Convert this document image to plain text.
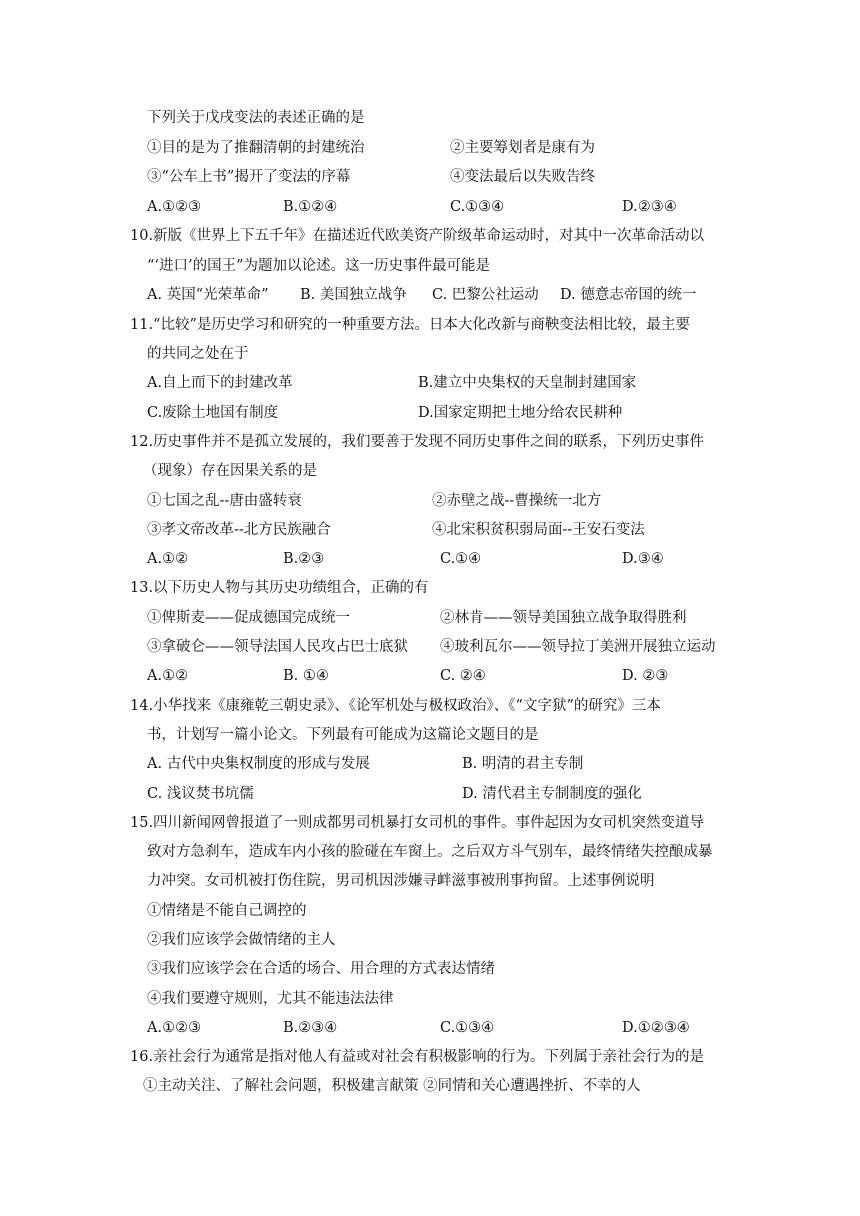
下列关于戊戌变法的表述正确的是
①目的是为了推翻清朝的封建统治	②主要筹划者是康有为
③“公车上书”揭开了变法的序幕	④变法最后以失败告终
A.①②③	B.①②④	C.①③④	D.②③④
10.新版《世界上下五千年》在描述近代欧美资产阶级革命运动时，对其中一次革命活动以
“‘进口’的国王”为题加以论述。这一历史事件最可能是
A. 英国“光荣革命” B. 美国独立战争 C. 巴黎公社运动 D. 德意志帝国的统一
11.“比较”是历史学习和研究的一种重要方法。日本大化改新与商鞅变法相比较，最主要
的共同之处在于
A.自上而下的封建改革	B.建立中央集权的天皇制封建国家
C.废除土地国有制度	D.国家定期把土地分给农民耕种
12.历史事件并不是孤立发展的，我们要善于发现不同历史事件之间的联系，下列历史事件
（现象）存在因果关系的是
①七国之乱--唐由盛转衰	②赤壁之战--曹操统一北方
③孝文帝改革--北方民族融合	④北宋积贫积弱局面--王安石变法
A.①②	B.②③	C.①④	D.③④
13.以下历史人物与其历史功绩组合，正确的有
①俾斯麦——促成德国完成统一	②林肯——领导美国独立战争取得胜利
③拿破仑——领导法国人民攻占巴士底狱 ④玻利瓦尔——领导拉丁美洲开展独立运动
A.①②	B. ①④	C. ②④	D. ②③
14.小华找来《康雍乾三朝史录》、《论军机处与极权政治》、《“文字狱”的研究》三本
书，计划写一篇小论文。下列最有可能成为这篇论文题目的是
A. 古代中央集权制度的形成与发展	B. 明清的君主专制
C. 浅议焚书坑儒	D. 清代君主专制制度的强化
15.四川新闻网曾报道了一则成都男司机暴打女司机的事件。事件起因为女司机突然变道导
致对方急刹车，造成车内小孩的脸碰在车窗上。之后双方斗气别车，最终情绪失控酿成暴
力冲突。女司机被打伤住院，男司机因涉嫌寻衅滋事被刑事拘留。上述事例说明
①情绪是不能自己调控的
②我们应该学会做情绪的主人
③我们应该学会在合适的场合、用合理的方式表达情绪
④我们要遵守规则，尤其不能违法法律
A.①②③	B.②③④	C.①③④	D.①②③④
16.亲社会行为通常是指对他人有益或对社会有积极影响的行为。下列属于亲社会行为的是
①主动关注、了解社会问题，积极建言献策 ②同情和关心遭遇挫折、不幸的人
